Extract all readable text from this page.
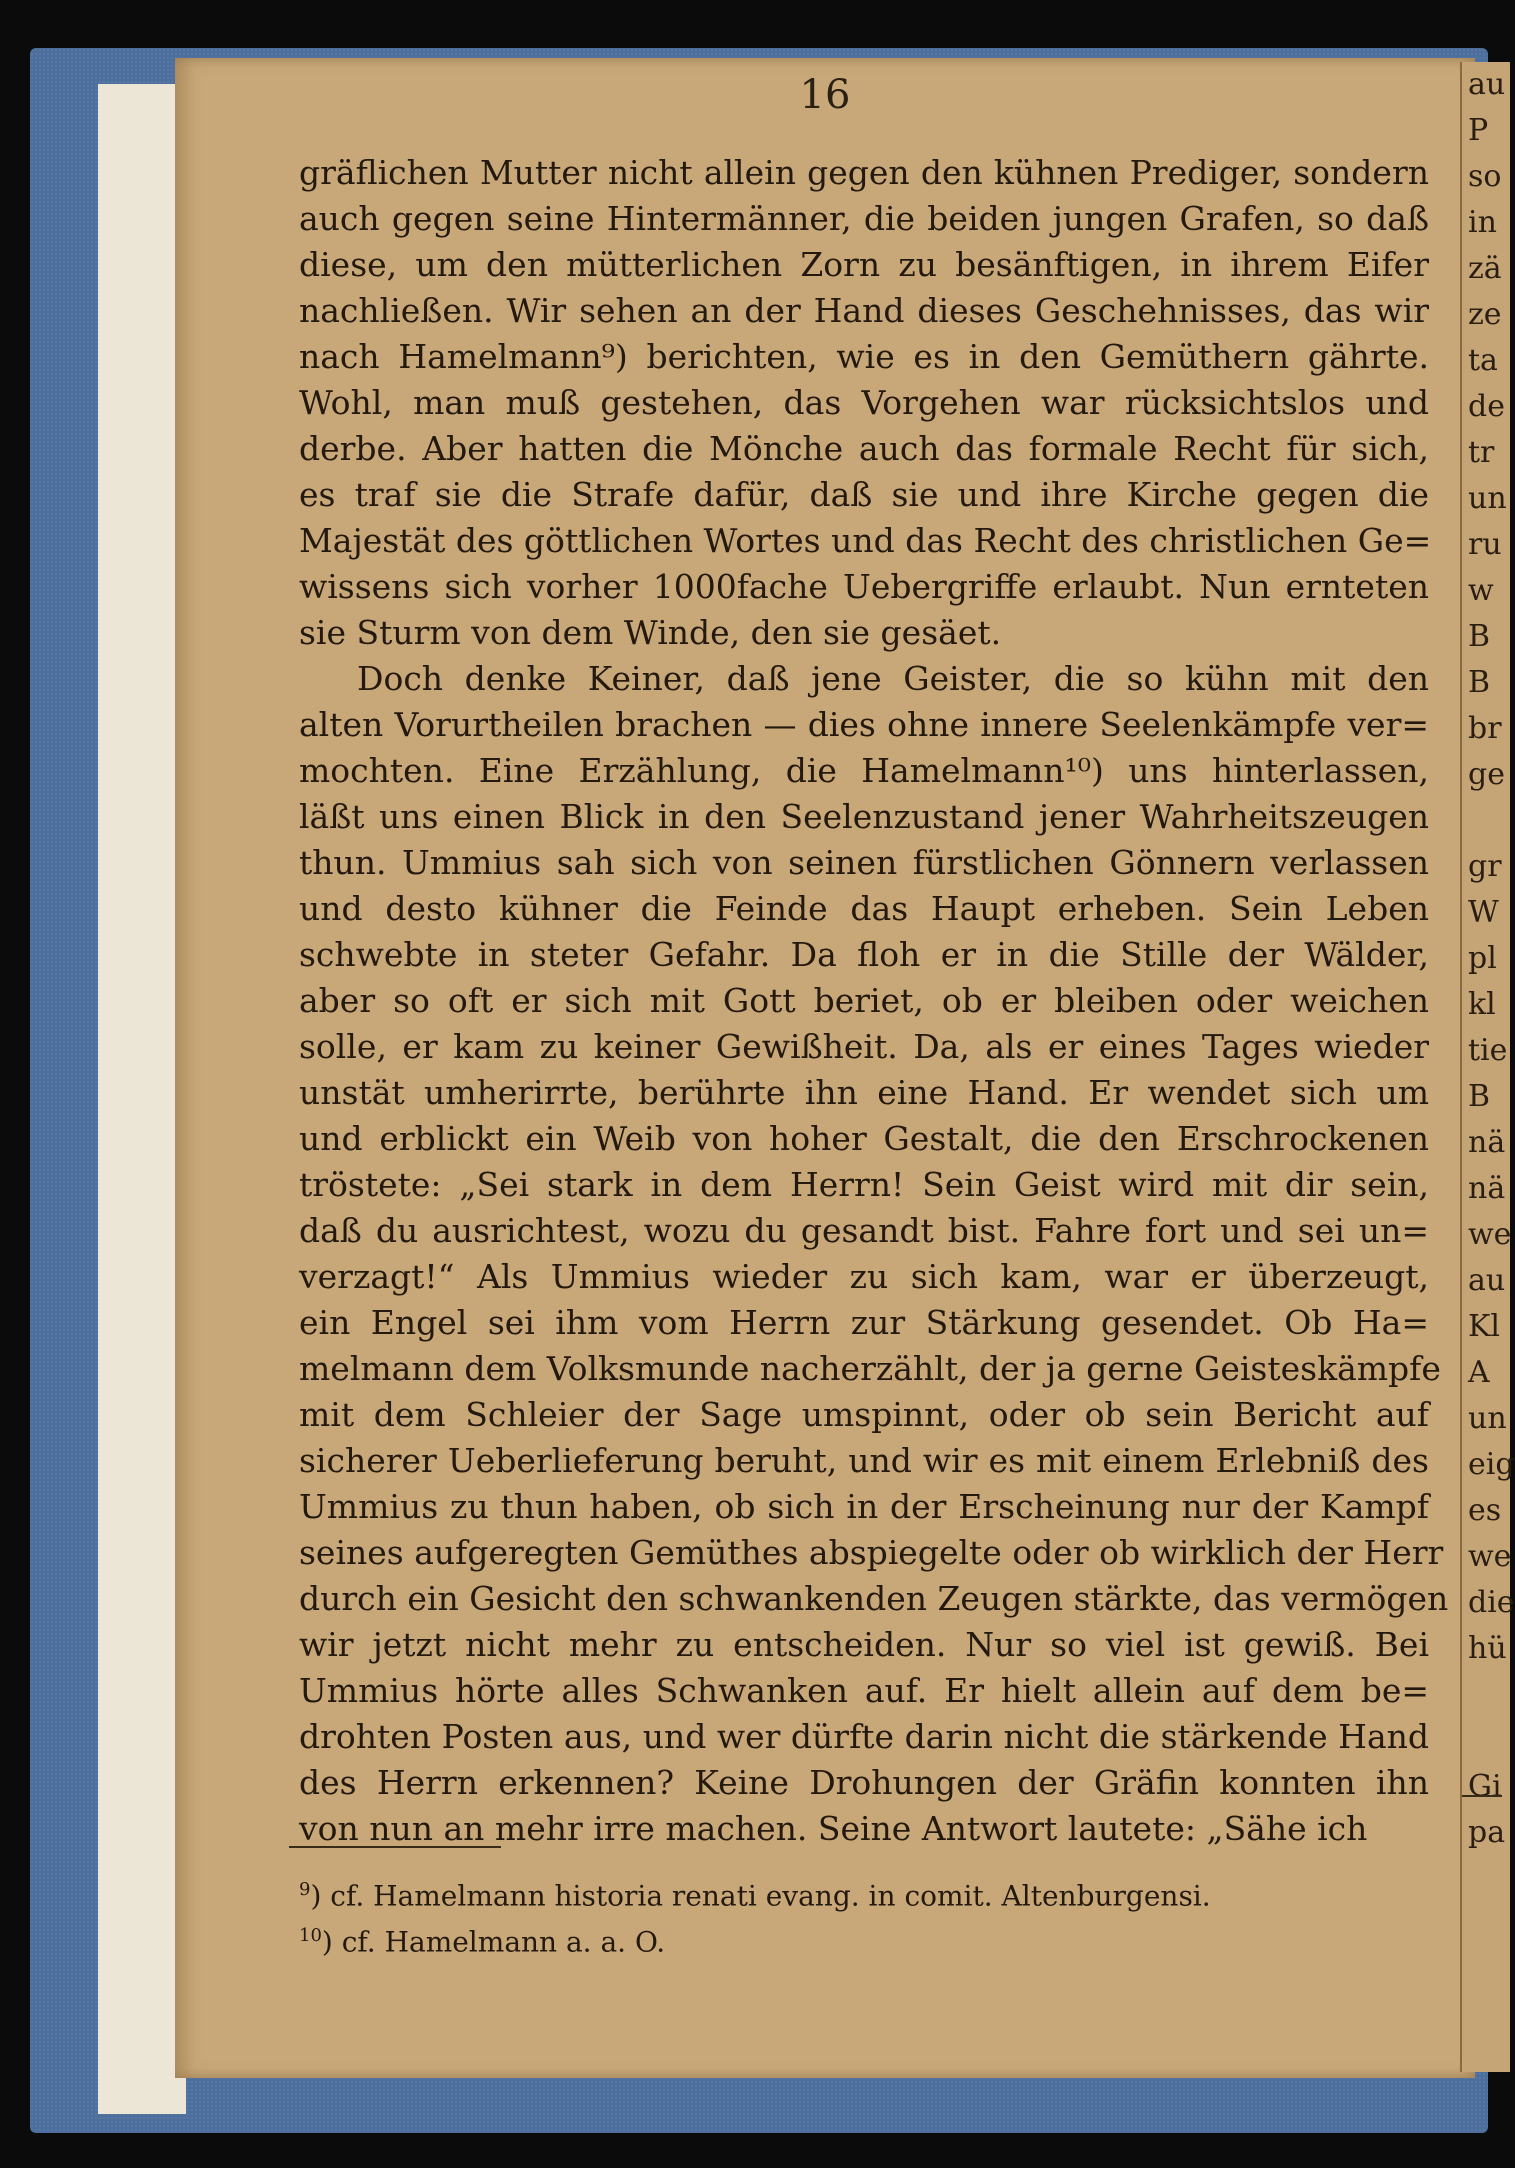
16

gräflichen Mutter nicht allein gegen den kühnen Prediger, sondern
auch gegen seine Hintermänner, die beiden jungen Grafen, so daß
diese, um den mütterlichen Zorn zu besänftigen, in ihrem Eifer
nachließen. Wir sehen an der Hand dieses Geschehnisses, das wir
nach Hamelmann⁹) berichten, wie es in den Gemüthern gährte.
Wohl, man muß gestehen, das Vorgehen war rücksichtslos und
derbe. Aber hatten die Mönche auch das formale Recht für sich,
es traf sie die Strafe dafür, daß sie und ihre Kirche gegen die
Majestät des göttlichen Wortes und das Recht des christlichen Ge=
wissens sich vorher 1000fache Uebergriffe erlaubt. Nun ernteten
sie Sturm von dem Winde, den sie gesäet.
Doch denke Keiner, daß jene Geister, die so kühn mit den
alten Vorurtheilen brachen — dies ohne innere Seelenkämpfe ver=
mochten. Eine Erzählung, die Hamelmann¹⁰) uns hinterlassen,
läßt uns einen Blick in den Seelenzustand jener Wahrheitszeugen
thun. Ummius sah sich von seinen fürstlichen Gönnern verlassen
und desto kühner die Feinde das Haupt erheben. Sein Leben
schwebte in steter Gefahr. Da floh er in die Stille der Wälder,
aber so oft er sich mit Gott beriet, ob er bleiben oder weichen
solle, er kam zu keiner Gewißheit. Da, als er eines Tages wieder
unstät umherirrte, berührte ihn eine Hand. Er wendet sich um
und erblickt ein Weib von hoher Gestalt, die den Erschrockenen
tröstete: „Sei stark in dem Herrn! Sein Geist wird mit dir sein,
daß du ausrichtest, wozu du gesandt bist. Fahre fort und sei un=
verzagt!“ Als Ummius wieder zu sich kam, war er überzeugt,
ein Engel sei ihm vom Herrn zur Stärkung gesendet. Ob Ha=
melmann dem Volksmunde nacherzählt, der ja gerne Geisteskämpfe
mit dem Schleier der Sage umspinnt, oder ob sein Bericht auf
sicherer Ueberlieferung beruht, und wir es mit einem Erlebniß des
Ummius zu thun haben, ob sich in der Erscheinung nur der Kampf
seines aufgeregten Gemüthes abspiegelte oder ob wirklich der Herr
durch ein Gesicht den schwankenden Zeugen stärkte, das vermögen
wir jetzt nicht mehr zu entscheiden. Nur so viel ist gewiß. Bei
Ummius hörte alles Schwanken auf. Er hielt allein auf dem be=
drohten Posten aus, und wer dürfte darin nicht die stärkende Hand
des Herrn erkennen? Keine Drohungen der Gräfin konnten ihn
von nun an mehr irre machen. Seine Antwort lautete: „Sähe ich
$^9$) cf. Hamelmann historia renati evang. in comit. Altenburgensi.
$^{10}$) cf. Hamelmann a. a. O.
au
P
so
in
zä
ze
ta
de
tr
un
ru
w
B
B
br
ge

gr
W
pl
kl
tie
B
nä
nä
we
au
Kl
A
un
eig
es
we
die
hü

Gi
pa
